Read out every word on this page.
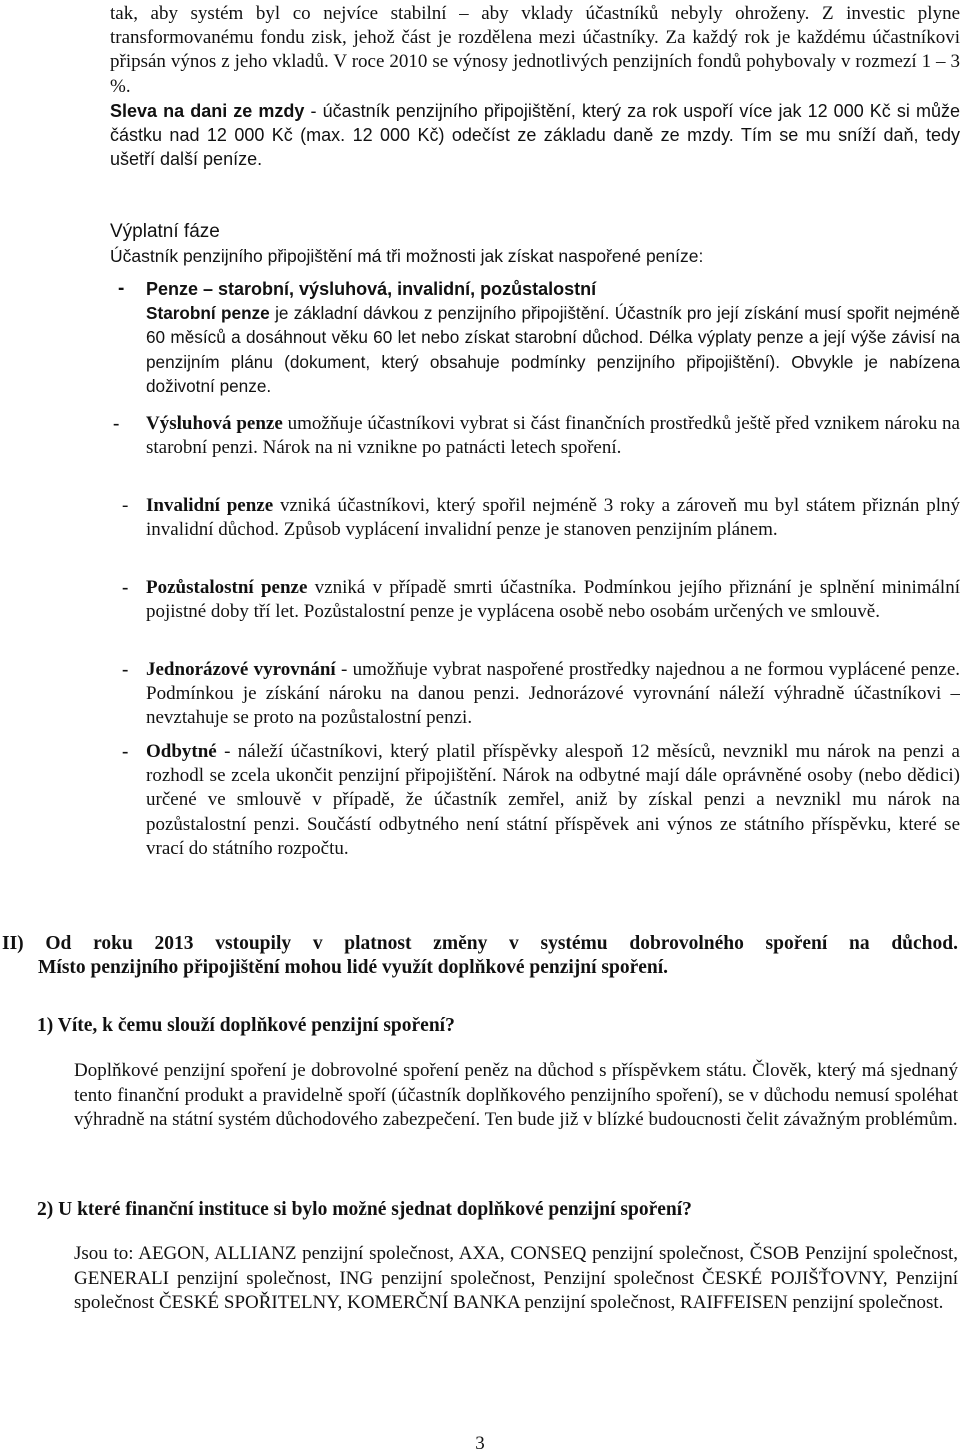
tak, aby systém byl co nejvíce stabilní – aby vklady účastníků nebyly ohroženy. Z investic plyne transformovanému fondu zisk, jehož část je rozdělena mezi účastníky. Za každý rok je každému účastníkovi připsán výnos z jeho vkladů. V roce 2010 se výnosy jednotlivých penzijních fondů pohybovaly v rozmezí 1 – 3 %.

Sleva na dani ze mzdy - účastník penzijního připojištění, který za rok uspoří více jak 12 000 Kč si může částku nad 12 000 Kč (max. 12 000 Kč) odečíst ze základu daně ze mzdy. Tím se mu sníží daň, tedy ušetří další peníze.

Výplatní fáze

Účastník penzijního připojištění má tři možnosti jak získat naspořené peníze:

- Penze – starobní, výsluhová, invalidní, pozůstalostní

Starobní penze je základní dávkou z penzijního připojištění. Účastník pro její získání musí spořit nejméně 60 měsíců a dosáhnout věku 60 let nebo získat starobní důchod. Délka výplaty penze a její výše závisí na penzijním plánu (dokument, který obsahuje podmínky penzijního připojištění). Obvykle je nabízena doživotní penze.

- Výsluhová penze umožňuje účastníkovi vybrat si část finančních prostředků ještě před vznikem nároku na starobní penzi. Nárok na ni vznikne po patnácti letech spoření.

- Invalidní penze vzniká účastníkovi, který spořil nejméně 3 roky a zároveň mu byl státem přiznán plný invalidní důchod. Způsob vyplácení invalidní penze je stanoven penzijním plánem.

- Pozůstalostní penze vzniká v případě smrti účastníka. Podmínkou jejího přiznání je splnění minimální pojistné doby tří let. Pozůstalostní penze je vyplácena osobě nebo osobám určených ve smlouvě.

- Jednorázové vyrovnání - umožňuje vybrat naspořené prostředky najednou a ne formou vyplácené penze. Podmínkou je získání nároku na danou penzi. Jednorázové vyrovnání náleží výhradně účastníkovi – nevztahuje se proto na pozůstalostní penzi.

- Odbytné - náleží účastníkovi, který platil příspěvky alespoň 12 měsíců, nevznikl mu nárok na penzi a rozhodl se zcela ukončit penzijní připojištění. Nárok na odbytné mají dále oprávněné osoby (nebo dědici) určené ve smlouvě v případě, že účastník zemřel, aniž by získal penzi a nevznikl mu nárok na pozůstalostní penzi. Součástí odbytného není státní příspěvek ani výnos ze státního příspěvku, které se vrací do státního rozpočtu.

II) Od roku 2013 vstoupily v platnost změny v systému dobrovolného spoření na důchod.

Místo penzijního připojištění mohou lidé využít doplňkové penzijní spoření.

1) Víte, k čemu slouží doplňkové penzijní spoření?

Doplňkové penzijní spoření je dobrovolné spoření peněz na důchod s příspěvkem státu. Člověk, který má sjednaný tento finanční produkt a pravidelně spoří (účastník doplňkového penzijního spoření), se v důchodu nemusí spoléhat výhradně na státní systém důchodového zabezpečení. Ten bude již v blízké budoucnosti čelit závažným problémům.

2) U které finanční instituce si bylo možné sjednat doplňkové penzijní spoření?

Jsou to: AEGON, ALLIANZ penzijní společnost, AXA, CONSEQ penzijní společnost, ČSOB Penzijní společnost, GENERALI penzijní společnost, ING penzijní společnost, Penzijní společnost ČESKÉ POJIŠŤOVNY, Penzijní společnost ČESKÉ SPOŘITELNY, KOMERČNÍ BANKA penzijní společnost, RAIFFEISEN penzijní společnost.

3
